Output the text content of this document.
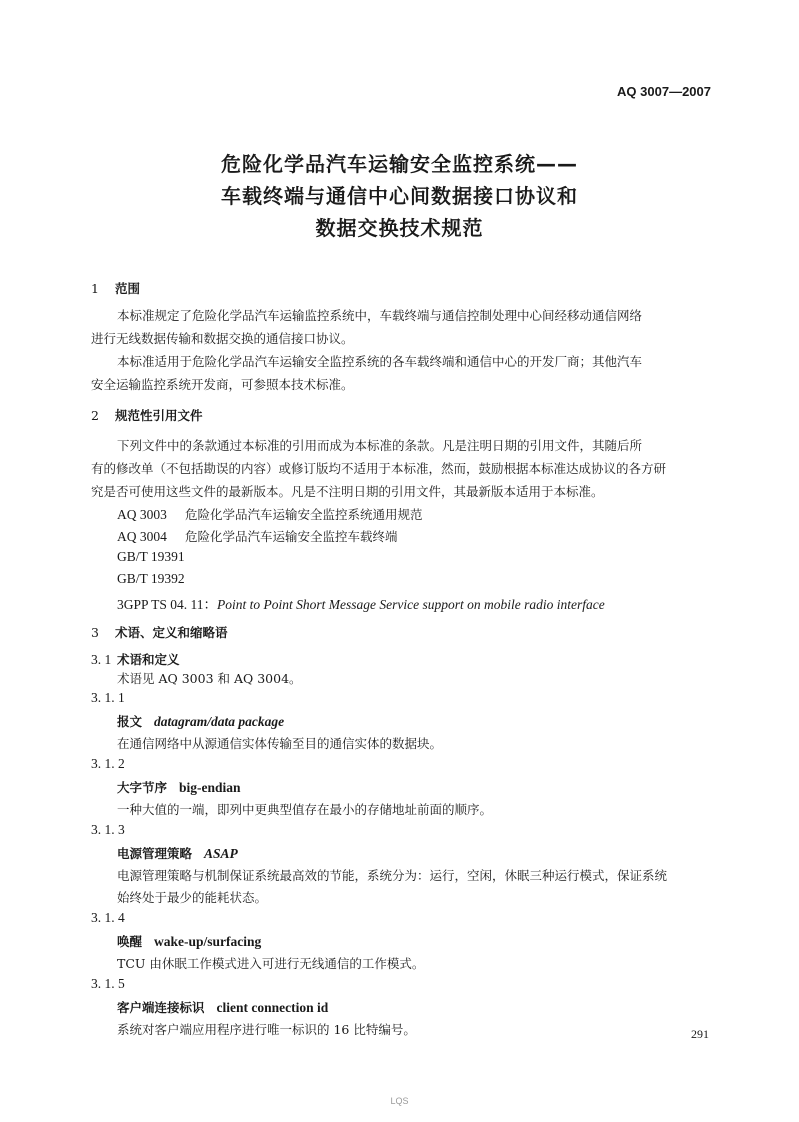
AQ 3007—2007
危险化学品汽车运输安全监控系统——
车载终端与通信中心间数据接口协议和
数据交换技术规范
1 范围
本标准规定了危险化学品汽车运输监控系统中，车载终端与通信控制处理中心间经移动通信网络
进行无线数据传输和数据交换的通信接口协议。
本标准适用于危险化学品汽车运输安全监控系统的各车载终端和通信中心的开发厂商；其他汽车
安全运输监控系统开发商，可参照本技术标准。
2 规范性引用文件
下列文件中的条款通过本标准的引用而成为本标准的条款。凡是注明日期的引用文件，其随后所
有的修改单（不包括勘误的内容）或修订版均不适用于本标准，然而，鼓励根据本标准达成协议的各方研
究是否可使用这些文件的最新版本。凡是不注明日期的引用文件，其最新版本适用于本标准。
AQ 3003 危险化学品汽车运输安全监控系统通用规范
AQ 3004 危险化学品汽车运输安全监控车载终端
GB/T 19391
GB/T 19392
3GPP TS 04. 11：Point to Point Short Message Service support on mobile radio interface
3 术语、定义和缩略语
3. 1 术语和定义
术语见 AQ 3003 和 AQ 3004。
3. 1. 1
报文 datagram/data package
在通信网络中从源通信实体传输至目的通信实体的数据块。
3. 1. 2
大字节序 big-endian
一种大值的一端，即列中更典型值存在最小的存储地址前面的顺序。
3. 1. 3
电源管理策略 ASAP
电源管理策略与机制保证系统最高效的节能，系统分为：运行，空闲，休眠三种运行模式，保证系统
始终处于最少的能耗状态。
3. 1. 4
唤醒 wake-up/surfacing
TCU 由休眠工作模式进入可进行无线通信的工作模式。
3. 1. 5
客户端连接标识 client connection id
系统对客户端应用程序进行唯一标识的 16 比特编号。	291
LQS
